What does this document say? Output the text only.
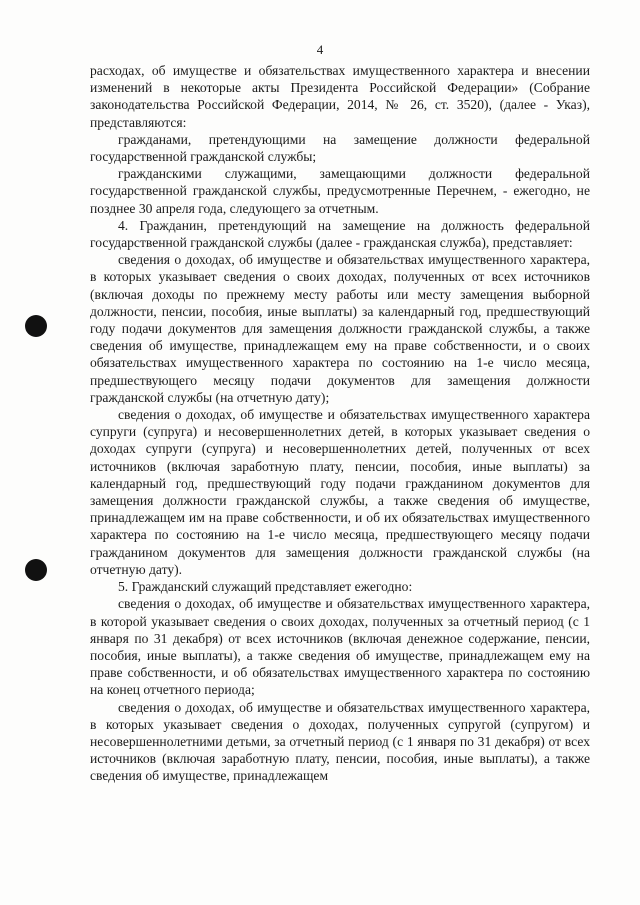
4

расходах, об имуществе и обязательствах имущественного характера и внесении изменений в некоторые акты Президента Российской Федерации» (Собрание законодательства Российской Федерации, 2014, № 26, ст. 3520), (далее - Указ), представляются:

гражданами, претендующими на замещение должности федеральной государственной гражданской службы;

гражданскими служащими, замещающими должности федеральной государственной гражданской службы, предусмотренные Перечнем, - ежегодно, не позднее 30 апреля года, следующего за отчетным.

4. Гражданин, претендующий на замещение на должность федеральной государственной гражданской службы (далее - гражданская служба), представляет:

сведения о доходах, об имуществе и обязательствах имущественного характера, в которых указывает сведения о своих доходах, полученных от всех источников (включая доходы по прежнему месту работы или месту замещения выборной должности, пенсии, пособия, иные выплаты) за календарный год, предшествующий году подачи документов для замещения должности гражданской службы, а также сведения об имуществе, принадлежащем ему на праве собственности, и о своих обязательствах имущественного характера по состоянию на 1-е число месяца, предшествующего месяцу подачи документов для замещения должности гражданской службы (на отчетную дату);

сведения о доходах, об имуществе и обязательствах имущественного характера супруги (супруга) и несовершеннолетних детей, в которых указывает сведения о доходах супруги (супруга) и несовершеннолетних детей, полученных от всех источников (включая заработную плату, пенсии, пособия, иные выплаты) за календарный год, предшествующий году подачи гражданином документов для замещения должности гражданской службы, а также сведения об имуществе, принадлежащем им на праве собственности, и об их обязательствах имущественного характера по состоянию на 1-е число месяца, предшествующего месяцу подачи гражданином документов для замещения должности гражданской службы (на отчетную дату).

5. Гражданский служащий представляет ежегодно:

сведения о доходах, об имуществе и обязательствах имущественного характера, в которой указывает сведения о своих доходах, полученных за отчетный период (с 1 января по 31 декабря) от всех источников (включая денежное содержание, пенсии, пособия, иные выплаты), а также сведения об имуществе, принадлежащем ему на праве собственности, и об обязательствах имущественного характера по состоянию на конец отчетного периода;

сведения о доходах, об имуществе и обязательствах имущественного характера, в которых указывает сведения о доходах, полученных супругой (супругом) и несовершеннолетними детьми, за отчетный период (с 1 января по 31 декабря) от всех источников (включая заработную плату, пенсии, пособия, иные выплаты), а также сведения об имуществе, принадлежащем
